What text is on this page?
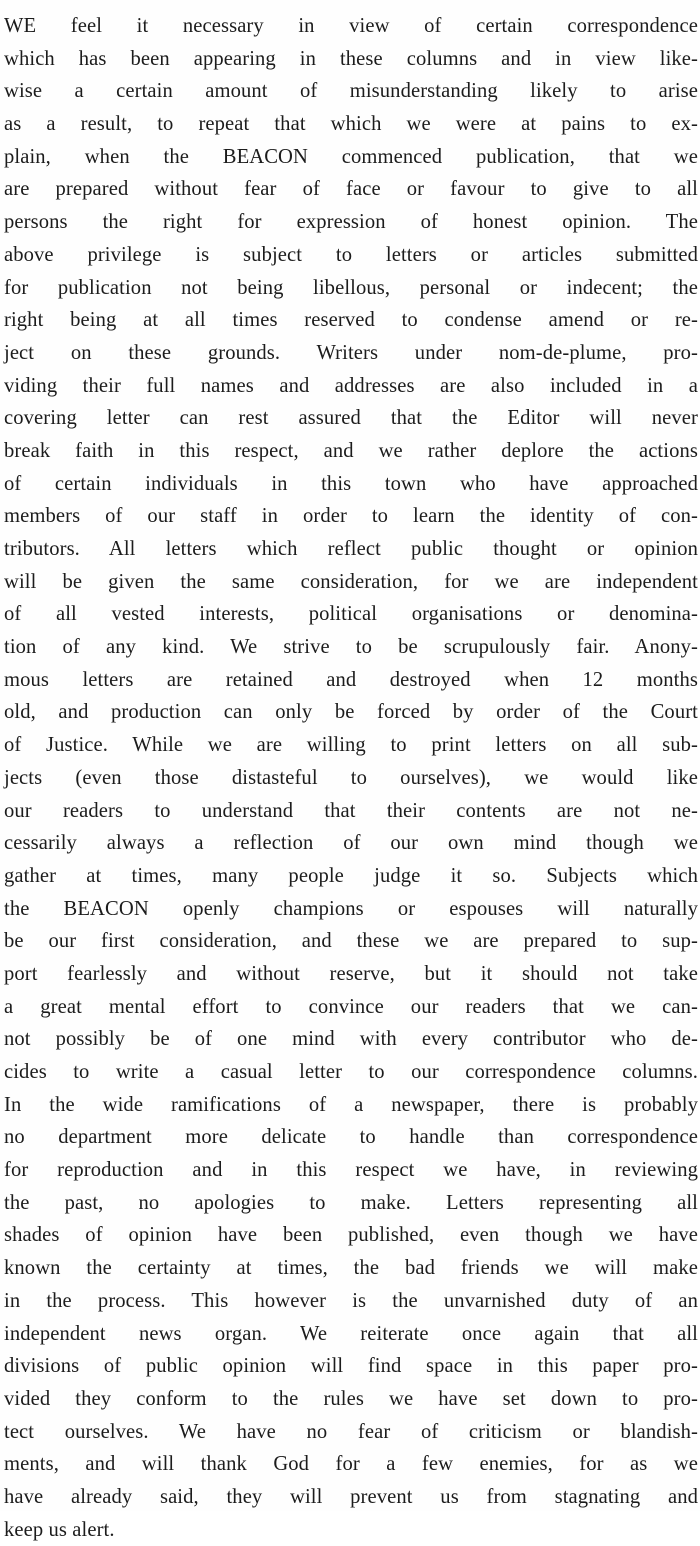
WE feel it necessary in view of certain correspondence
which has been appearing in these columns and in view like-
wise a certain amount of misunderstanding likely to arise
as a result, to repeat that which we were at pains to ex-
plain, when the BEACON commenced publication, that we
are prepared without fear of face or favour to give to all
persons the right for expression of honest opinion. The
above privilege is subject to letters or articles submitted
for publication not being libellous, personal or indecent; the
right being at all times reserved to condense amend or re-
ject on these grounds. Writers under nom-de-plume, pro-
viding their full names and addresses are also included in a
covering letter can rest assured that the Editor will never
break faith in this respect, and we rather deplore the actions
of certain individuals in this town who have approached
members of our staff in order to learn the identity of con-
tributors. All letters which reflect public thought or opinion
will be given the same consideration, for we are independent
of all vested interests, political organisations or denomina-
tion of any kind. We strive to be scrupulously fair. Anony-
mous letters are retained and destroyed when 12 months
old, and production can only be forced by order of the Court
of Justice. While we are willing to print letters on all sub-
jects (even those distasteful to ourselves), we would like
our readers to understand that their contents are not ne-
cessarily always a reflection of our own mind though we
gather at times, many people judge it so. Subjects which
the BEACON openly champions or espouses will naturally
be our first consideration, and these we are prepared to sup-
port fearlessly and without reserve, but it should not take
a great mental effort to convince our readers that we can-
not possibly be of one mind with every contributor who de-
cides to write a casual letter to our correspondence columns.
In the wide ramifications of a newspaper, there is probably
no department more delicate to handle than correspondence
for reproduction and in this respect we have, in reviewing
the past, no apologies to make. Letters representing all
shades of opinion have been published, even though we have
known the certainty at times, the bad friends we will make
in the process. This however is the unvarnished duty of an
independent news organ. We reiterate once again that all
divisions of public opinion will find space in this paper pro-
vided they conform to the rules we have set down to pro-
tect ourselves. We have no fear of criticism or blandish-
ments, and will thank God for a few enemies, for as we
have already said, they will prevent us from stagnating and
keep us alert.
